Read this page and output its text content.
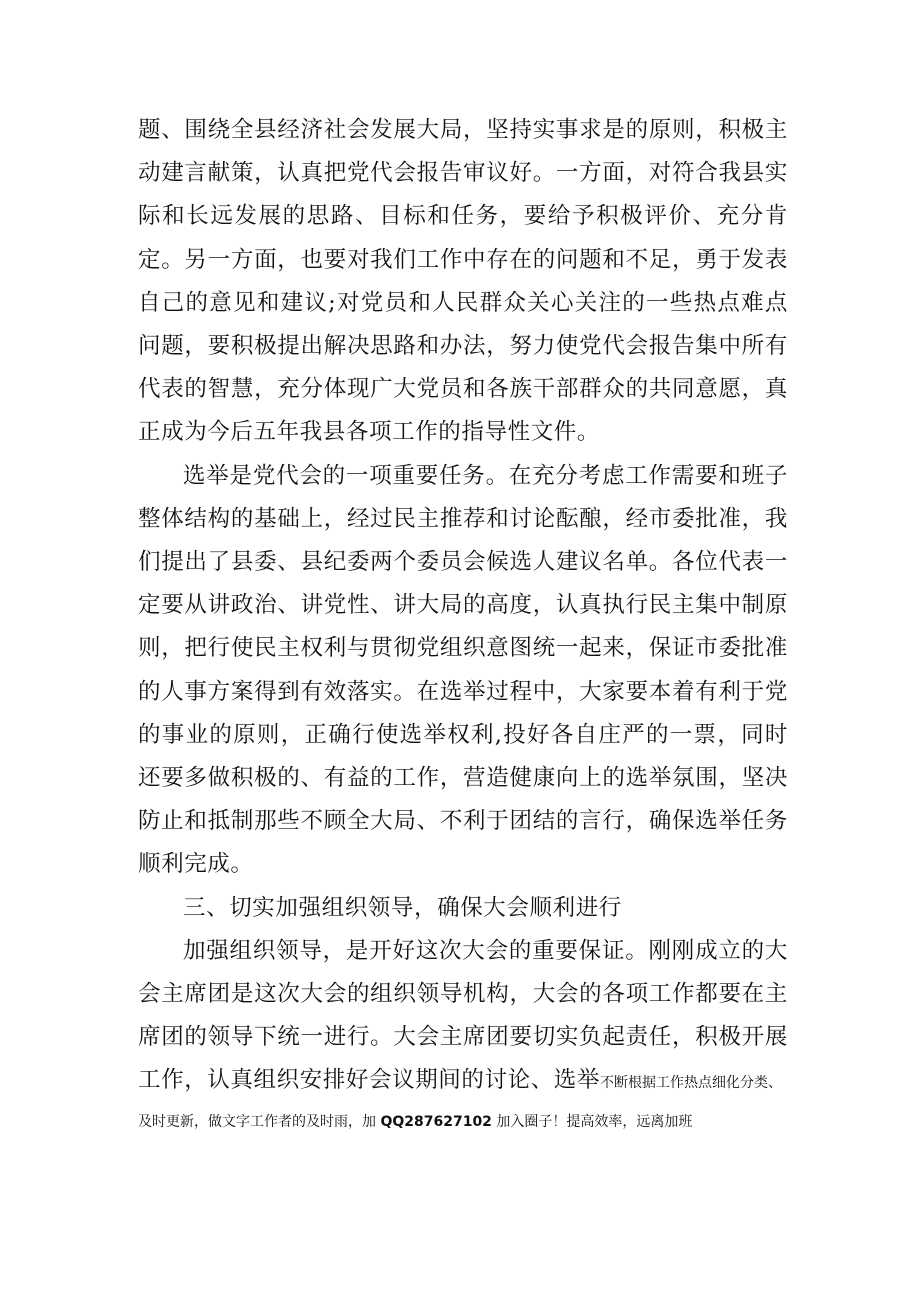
题、围绕全县经济社会发展大局，坚持实事求是的原则，积极主动建言献策，认真把党代会报告审议好。一方面，对符合我县实际和长远发展的思路、目标和任务，要给予积极评价、充分肯定。另一方面，也要对我们工作中存在的问题和不足，勇于发表自己的意见和建议;对党员和人民群众关心关注的一些热点难点问题，要积极提出解决思路和办法，努力使党代会报告集中所有代表的智慧，充分体现广大党员和各族干部群众的共同意愿，真正成为今后五年我县各项工作的指导性文件。

选举是党代会的一项重要任务。在充分考虑工作需要和班子整体结构的基础上，经过民主推荐和讨论酝酿，经市委批准，我们提出了县委、县纪委两个委员会候选人建议名单。各位代表一定要从讲政治、讲党性、讲大局的高度，认真执行民主集中制原则，把行使民主权利与贯彻党组织意图统一起来，保证市委批准的人事方案得到有效落实。在选举过程中，大家要本着有利于党的事业的原则，正确行使选举权利,投好各自庄严的一票，同时还要多做积极的、有益的工作，营造健康向上的选举氛围，坚决防止和抵制那些不顾全大局、不利于团结的言行，确保选举任务顺利完成。

三、切实加强组织领导，确保大会顺利进行

加强组织领导，是开好这次大会的重要保证。刚刚成立的大会主席团是这次大会的组织领导机构，大会的各项工作都要在主席团的领导下统一进行。大会主席团要切实负起责任，积极开展工作，认真组织安排好会议期间的讨论、选举不断根据工作热点细化分类、

及时更新，做文字工作者的及时雨，加 QQ287627102 加入圈子！提高效率，远离加班
